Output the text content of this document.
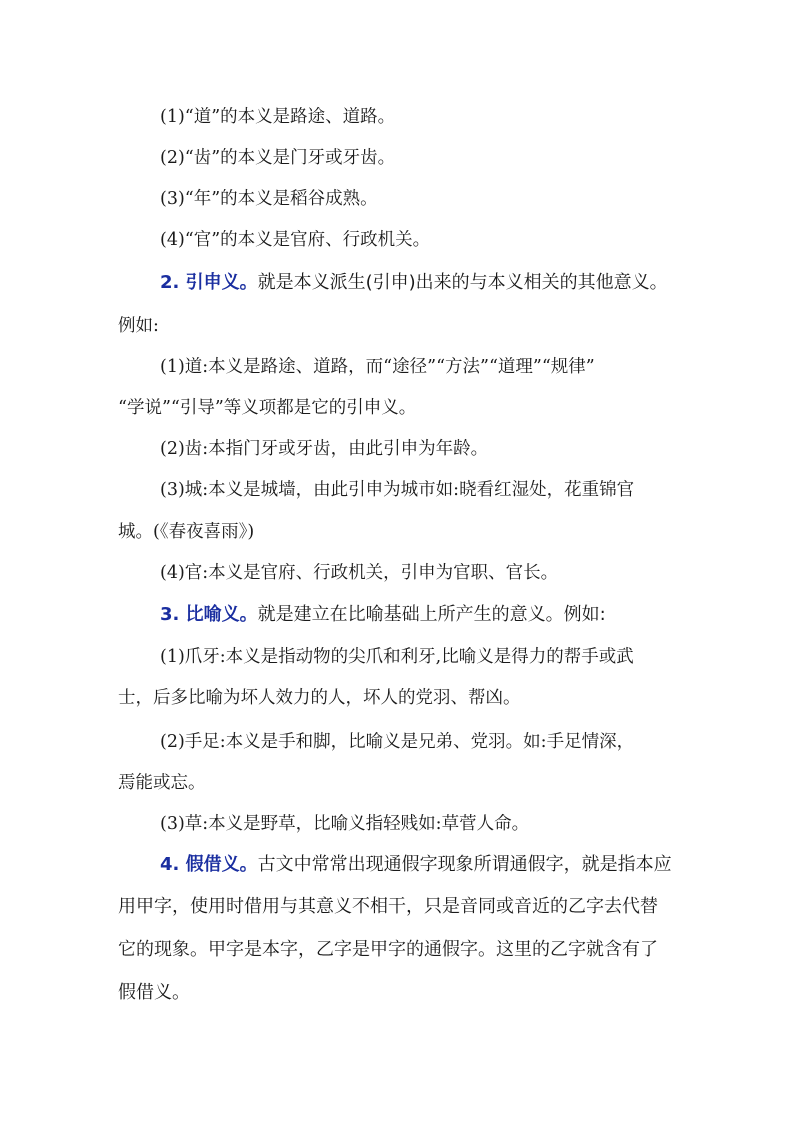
(1)“道”的本义是路途、道路。
(2)“齿”的本义是门牙或牙齿。
(3)“年”的本义是稻谷成熟。
(4)“官”的本义是官府、行政机关。
2. 引申义。就是本义派生(引申)出来的与本义相关的其他意义。
例如:
(1)道:本义是路途、道路，而“途径”“方法”“道理”“规律”
“学说”“引导”等义项都是它的引申义。
(2)齿:本指门牙或牙齿，由此引申为年龄。
(3)城:本义是城墙，由此引申为城市如:晓看红湿处，花重锦官
城。(《春夜喜雨》)
(4)官:本义是官府、行政机关，引申为官职、官长。
3. 比喻义。就是建立在比喻基础上所产生的意义。例如:
(1)爪牙:本义是指动物的尖爪和利牙,比喻义是得力的帮手或武
士，后多比喻为坏人效力的人，坏人的党羽、帮凶。
(2)手足:本义是手和脚，比喻义是兄弟、党羽。如:手足情深，
焉能或忘。
(3)草:本义是野草，比喻义指轻贱如:草菅人命。
4. 假借义。古文中常常出现通假字现象所谓通假字，就是指本应
用甲字，使用时借用与其意义不相干，只是音同或音近的乙字去代替
它的现象。甲字是本字，乙字是甲字的通假字。这里的乙字就含有了
假借义。
